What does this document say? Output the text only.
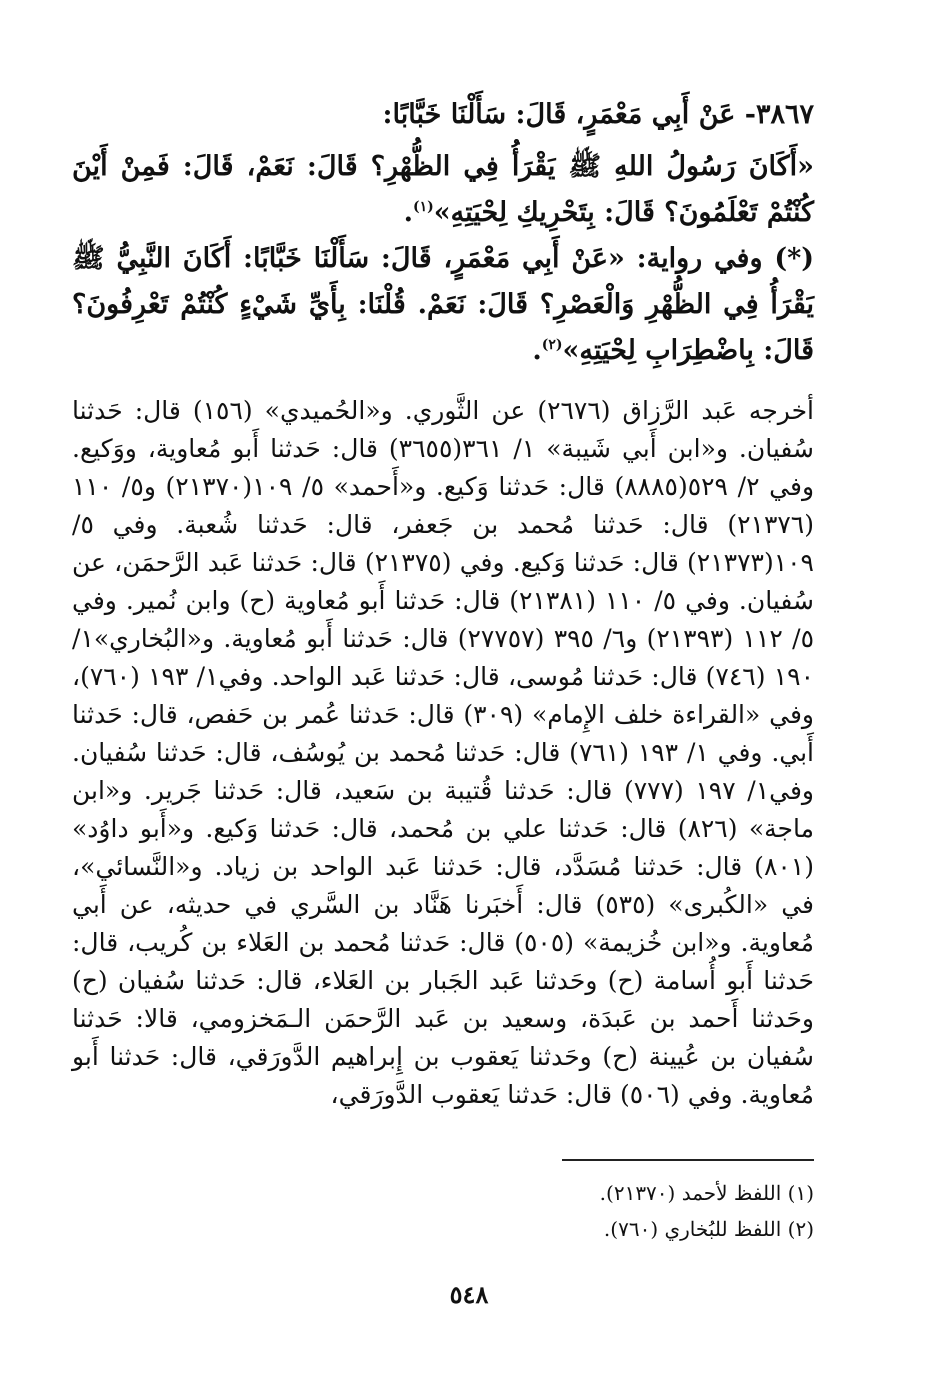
٣٨٦٧- عَنْ أَبِي مَعْمَرٍ، قَالَ: سَأَلْنَا خَبَّابًا:
«أَكَانَ رَسُولُ اللهِ ﷺ يَقْرَأُ فِي الظُّهْرِ؟ قَالَ: نَعَمْ، قَالَ: فَمِنْ أَيْنَ كُنْتُمْ تَعْلَمُونَ؟ قَالَ: بِتَحْرِيكِ لِحْيَتِهِ»$^{(١)}$.
(*) وفي رواية: «عَنْ أَبِي مَعْمَرٍ، قَالَ: سَأَلْنَا خَبَّابًا: أَكَانَ النَّبِيُّ ﷺ يَقْرَأُ فِي الظُّهْرِ وَالْعَصْرِ؟ قَالَ: نَعَمْ. قُلْنَا: بِأَيِّ شَيْءٍ كُنْتُمْ تَعْرِفُونَ؟ قَالَ: بِاضْطِرَابِ لِحْيَتِهِ»$^{(٢)}$.
أخرجه عَبد الرَّزاق (٢٦٧٦) عن الثَّوري. و«الحُميدي» (١٥٦) قال: حَدثنا سُفيان. و«ابن أَبي شَيبة» ١/ ٣٦١(٣٦٥٥) قال: حَدثنا أَبو مُعاوية، ووَكيع. وفي ٢/ ٥٢٩(٨٨٨٥) قال: حَدثنا وَكيع. و«أَحمد» ٥/ ١٠٩(٢١٣٧٠) و٥/ ١١٠ (٢١٣٧٦) قال: حَدثنا مُحمد بن جَعفر، قال: حَدثنا شُعبة. وفي ٥/ ١٠٩(٢١٣٧٣) قال: حَدثنا وَكيع. وفي (٢١٣٧٥) قال: حَدثنا عَبد الرَّحمَن، عن سُفيان. وفي ٥/ ١١٠ (٢١٣٨١) قال: حَدثنا أَبو مُعاوية (ح) وابن نُمير. وفي ٥/ ١١٢ (٢١٣٩٣) و٦/ ٣٩٥ (٢٧٧٥٧) قال: حَدثنا أَبو مُعاوية. و«البُخاري»١/ ١٩٠ (٧٤٦) قال: حَدثنا مُوسى، قال: حَدثنا عَبد الواحد. وفي١/ ١٩٣ (٧٦٠)، وفي «القراءة خلف الإِمام» (٣٠٩) قال: حَدثنا عُمر بن حَفص، قال: حَدثنا أَبي. وفي ١/ ١٩٣ (٧٦١) قال: حَدثنا مُحمد بن يُوسُف، قال: حَدثنا سُفيان. وفي١/ ١٩٧ (٧٧٧) قال: حَدثنا قُتيبة بن سَعيد، قال: حَدثنا جَرير. و«ابن ماجة» (٨٢٦) قال: حَدثنا علي بن مُحمد، قال: حَدثنا وَكيع. و«أَبو داوُد» (٨٠١) قال: حَدثنا مُسَدَّد، قال: حَدثنا عَبد الواحد بن زياد. و«النَّسائي»، في «الكُبرى» (٥٣٥) قال: أَخبَرنا هَنَّاد بن السَّري في حديثه، عن أَبي مُعاوية. و«ابن خُزيمة» (٥٠٥) قال: حَدثنا مُحمد بن العَلاء بن كُريب، قال: حَدثنا أَبو أُسامة (ح) وحَدثنا عَبد الجَبار بن العَلاء، قال: حَدثنا سُفيان (ح) وحَدثنا أَحمد بن عَبدَة، وسعيد بن عَبد الرَّحمَن الـمَخزومي، قالا: حَدثنا سُفيان بن عُيينة (ح) وحَدثنا يَعقوب بن إِبراهيم الدَّورَقي، قال: حَدثنا أَبو مُعاوية. وفي (٥٠٦) قال: حَدثنا يَعقوب الدَّورَقي،
(١) اللفظ لأحمد (٢١٣٧٠).
(٢) اللفظ للبُخاري (٧٦٠).
٥٤٨
